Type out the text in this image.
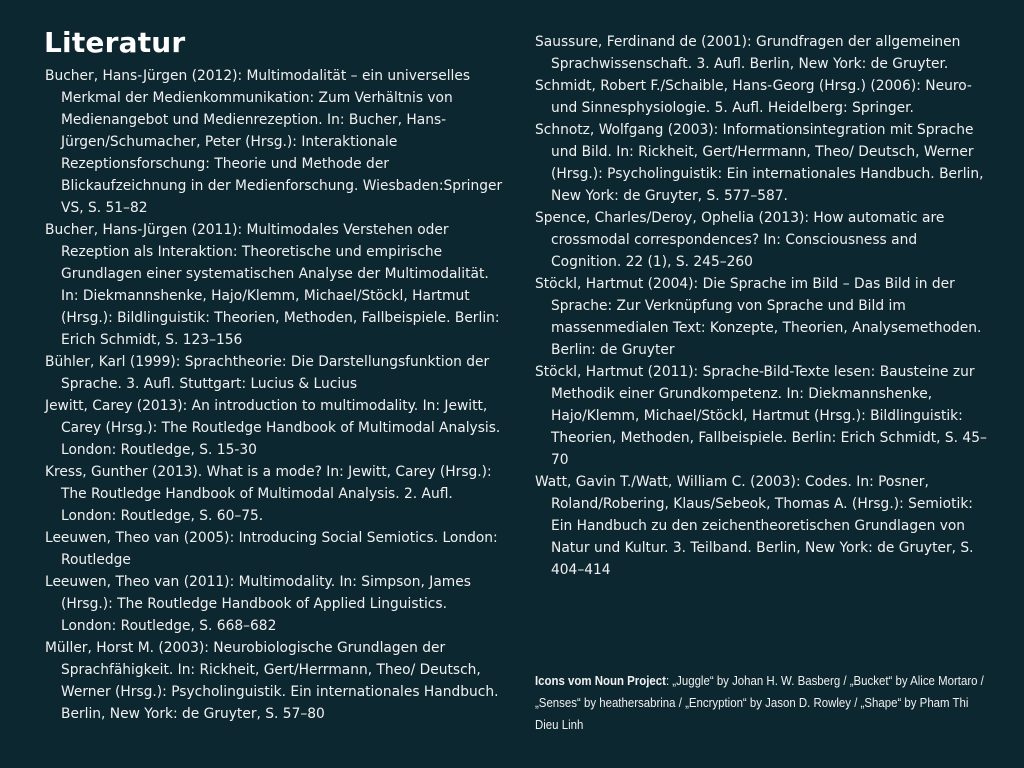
Literatur

Bucher, Hans-Jürgen (2012): Multimodalität – ein universelles Merkmal der Medienkommunikation: Zum Verhältnis von Medienangebot und Medienrezeption. In: Bucher, Hans-Jürgen/Schumacher, Peter (Hrsg.): Interaktionale Rezeptionsforschung: Theorie und Methode der Blickaufzeichnung in der Medienforschung. Wiesbaden:Springer VS, S. 51–82

Bucher, Hans-Jürgen (2011): Multimodales Verstehen oder Rezeption als Interaktion: Theoretische und empirische Grundlagen einer systematischen Analyse der Multimodalität. In: Diekmannshenke, Hajo/Klemm, Michael/Stöckl, Hartmut (Hrsg.): Bildlinguistik: Theorien, Methoden, Fallbeispiele. Berlin: Erich Schmidt, S. 123–156

Bühler, Karl (1999): Sprachtheorie: Die Darstellungsfunktion der Sprache. 3. Aufl. Stuttgart: Lucius & Lucius

Jewitt, Carey (2013): An introduction to multimodality. In: Jewitt, Carey (Hrsg.): The Routledge Handbook of Multimodal Analysis. London: Routledge, S. 15-30

Kress, Gunther (2013). What is a mode? In: Jewitt, Carey (Hrsg.): The Routledge Handbook of Multimodal Analysis. 2. Aufl. London: Routledge, S. 60–75.

Leeuwen, Theo van (2005): Introducing Social Semiotics. London: Routledge

Leeuwen, Theo van (2011): Multimodality. In: Simpson, James (Hrsg.): The Routledge Handbook of Applied Linguistics. London: Routledge, S. 668–682

Müller, Horst M. (2003): Neurobiologische Grundlagen der Sprachfähigkeit. In: Rickheit, Gert/Herrmann, Theo/ Deutsch, Werner (Hrsg.): Psycholinguistik. Ein internationales Handbuch. Berlin, New York: de Gruyter, S. 57–80

Saussure, Ferdinand de (2001): Grundfragen der allgemeinen Sprachwissenschaft. 3. Aufl. Berlin, New York: de Gruyter.

Schmidt, Robert F./Schaible, Hans-Georg (Hrsg.) (2006): Neuro- und Sinnesphysiologie. 5. Aufl. Heidelberg: Springer.

Schnotz, Wolfgang (2003): Informationsintegration mit Sprache und Bild. In: Rickheit, Gert/Herrmann, Theo/ Deutsch, Werner (Hrsg.): Psycholinguistik: Ein internationales Handbuch. Berlin, New York: de Gruyter, S. 577–587.

Spence, Charles/Deroy, Ophelia (2013): How automatic are crossmodal correspondences? In: Consciousness and Cognition. 22 (1), S. 245–260

Stöckl, Hartmut (2004): Die Sprache im Bild – Das Bild in der Sprache: Zur Verknüpfung von Sprache und Bild im massenmedialen Text: Konzepte, Theorien, Analysemethoden. Berlin: de Gruyter

Stöckl, Hartmut (2011): Sprache-Bild-Texte lesen: Bausteine zur Methodik einer Grundkompetenz. In: Diekmannshenke, Hajo/Klemm, Michael/Stöckl, Hartmut (Hrsg.): Bildlinguistik: Theorien, Methoden, Fallbeispiele. Berlin: Erich Schmidt, S. 45–70

Watt, Gavin T./Watt, William C. (2003): Codes. In: Posner, Roland/Robering, Klaus/Sebeok, Thomas A. (Hrsg.): Semiotik: Ein Handbuch zu den zeichentheoretischen Grundlagen von Natur und Kultur. 3. Teilband. Berlin, New York: de Gruyter, S. 404–414

Icons vom Noun Project: „Juggle“ by Johan H. W. Basberg / „Bucket“ by Alice Mortaro / „Senses“ by heathersabrina / „Encryption“ by Jason D. Rowley / „Shape“ by Pham Thi Dieu Linh
